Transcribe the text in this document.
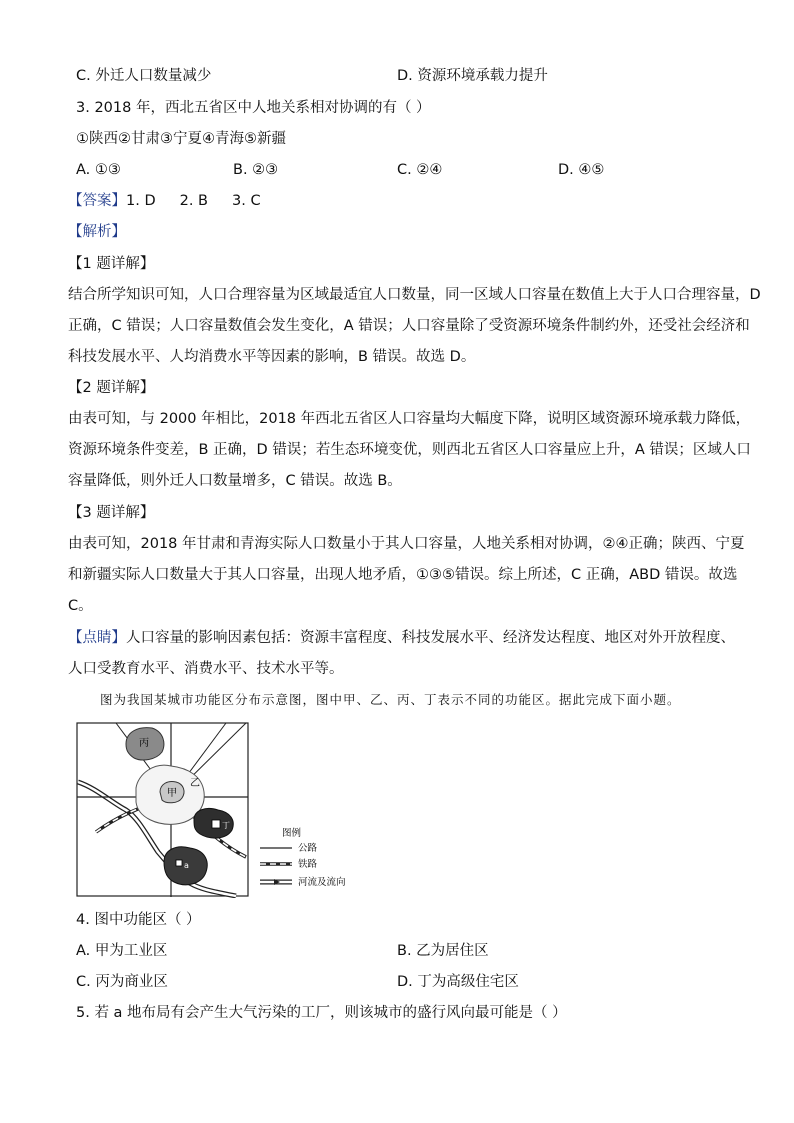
C. 外迁人口数量减少	D. 资源环境承载力提升
3. 2018 年，西北五省区中人地关系相对协调的有（ ）
①陕西②甘肃③宁夏④青海⑤新疆
A. ①③	B. ②③	C. ②④	D. ④⑤
【答案】1. D 2. B 3. C
【解析】
【1 题详解】
结合所学知识可知，人口合理容量为区域最适宜人口数量，同一区域人口容量在数值上大于人口合理容量，D
正确，C 错误；人口容量数值会发生变化，A 错误；人口容量除了受资源环境条件制约外，还受社会经济和
科技发展水平、人均消费水平等因素的影响，B 错误。故选 D。
【2 题详解】
由表可知，与 2000 年相比，2018 年西北五省区人口容量均大幅度下降，说明区域资源环境承载力降低，
资源环境条件变差，B 正确，D 错误；若生态环境变优，则西北五省区人口容量应上升，A 错误；区域人口
容量降低，则外迁人口数量增多，C 错误。故选 B。
【3 题详解】
由表可知，2018 年甘肃和青海实际人口数量小于其人口容量，人地关系相对协调，②④正确；陕西、宁夏
和新疆实际人口数量大于其人口容量，出现人地矛盾，①③⑤错误。综上所述，C 正确，ABD 错误。故选
C。
【点睛】人口容量的影响因素包括：资源丰富程度、科技发展水平、经济发达程度、地区对外开放程度、
人口受教育水平、消费水平、技术水平等。
图为我国某城市功能区分布示意图，图中甲、乙、丙、丁表示不同的功能区。据此完成下面小题。
丙
甲
乙
丁
a
图例
公路
铁路
河流及流向
4. 图中功能区（ ）
A. 甲为工业区	B. 乙为居住区
C. 丙为商业区	D. 丁为高级住宅区
5. 若 a 地布局有会产生大气污染的工厂，则该城市的盛行风向最可能是（ ）
